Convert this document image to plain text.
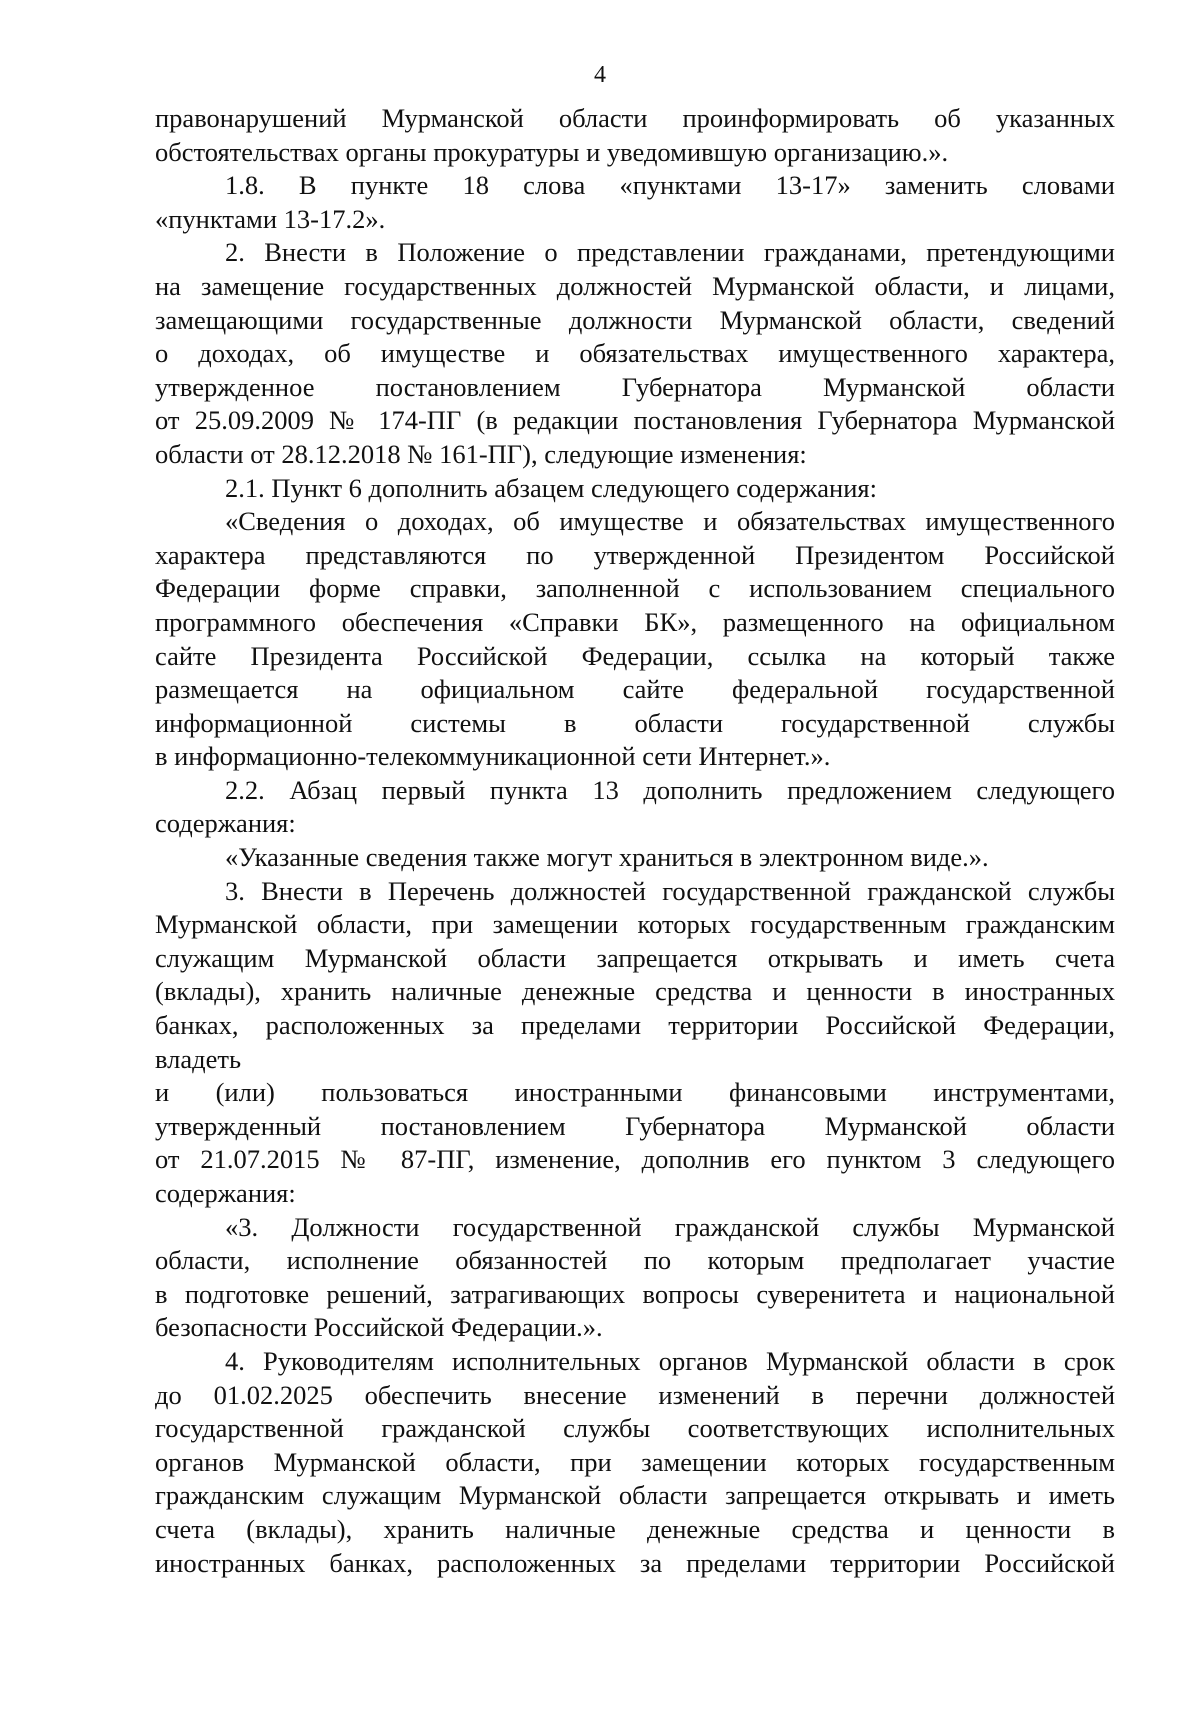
4
правонарушений Мурманской области проинформировать об указанных
обстоятельствах органы прокуратуры и уведомившую организацию.».
1.8. В пункте 18 слова «пунктами 13-17» заменить словами
«пунктами 13-17.2».
2. Внести в Положение о представлении гражданами, претендующими
на замещение государственных должностей Мурманской области, и лицами,
замещающими государственные должности Мурманской области, сведений
о доходах, об имуществе и обязательствах имущественного характера,
утвержденное постановлением Губернатора Мурманской области
от 25.09.2009 № 174-ПГ (в редакции постановления Губернатора Мурманской
области от 28.12.2018 № 161-ПГ), следующие изменения:
2.1. Пункт 6 дополнить абзацем следующего содержания:
«Сведения о доходах, об имуществе и обязательствах имущественного
характера представляются по утвержденной Президентом Российской
Федерации форме справки, заполненной с использованием специального
программного обеспечения «Справки БК», размещенного на официальном
сайте Президента Российской Федерации, ссылка на который также
размещается на официальном сайте федеральной государственной
информационной системы в области государственной службы
в информационно-телекоммуникационной сети Интернет.».
2.2. Абзац первый пункта 13 дополнить предложением следующего
содержания:
«Указанные сведения также могут храниться в электронном виде.».
3. Внести в Перечень должностей государственной гражданской службы
Мурманской области, при замещении которых государственным гражданским
служащим Мурманской области запрещается открывать и иметь счета
(вклады), хранить наличные денежные средства и ценности в иностранных
банках, расположенных за пределами территории Российской Федерации,
владеть
и (или) пользоваться иностранными финансовыми инструментами,
утвержденный постановлением Губернатора Мурманской области
от 21.07.2015 № 87-ПГ, изменение, дополнив его пунктом 3 следующего
содержания:
«3. Должности государственной гражданской службы Мурманской
области, исполнение обязанностей по которым предполагает участие
в подготовке решений, затрагивающих вопросы суверенитета и национальной
безопасности Российской Федерации.».
4. Руководителям исполнительных органов Мурманской области в срок
до 01.02.2025 обеспечить внесение изменений в перечни должностей
государственной гражданской службы соответствующих исполнительных
органов Мурманской области, при замещении которых государственным
гражданским служащим Мурманской области запрещается открывать и иметь
счета (вклады), хранить наличные денежные средства и ценности в
иностранных банках, расположенных за пределами территории Российской
